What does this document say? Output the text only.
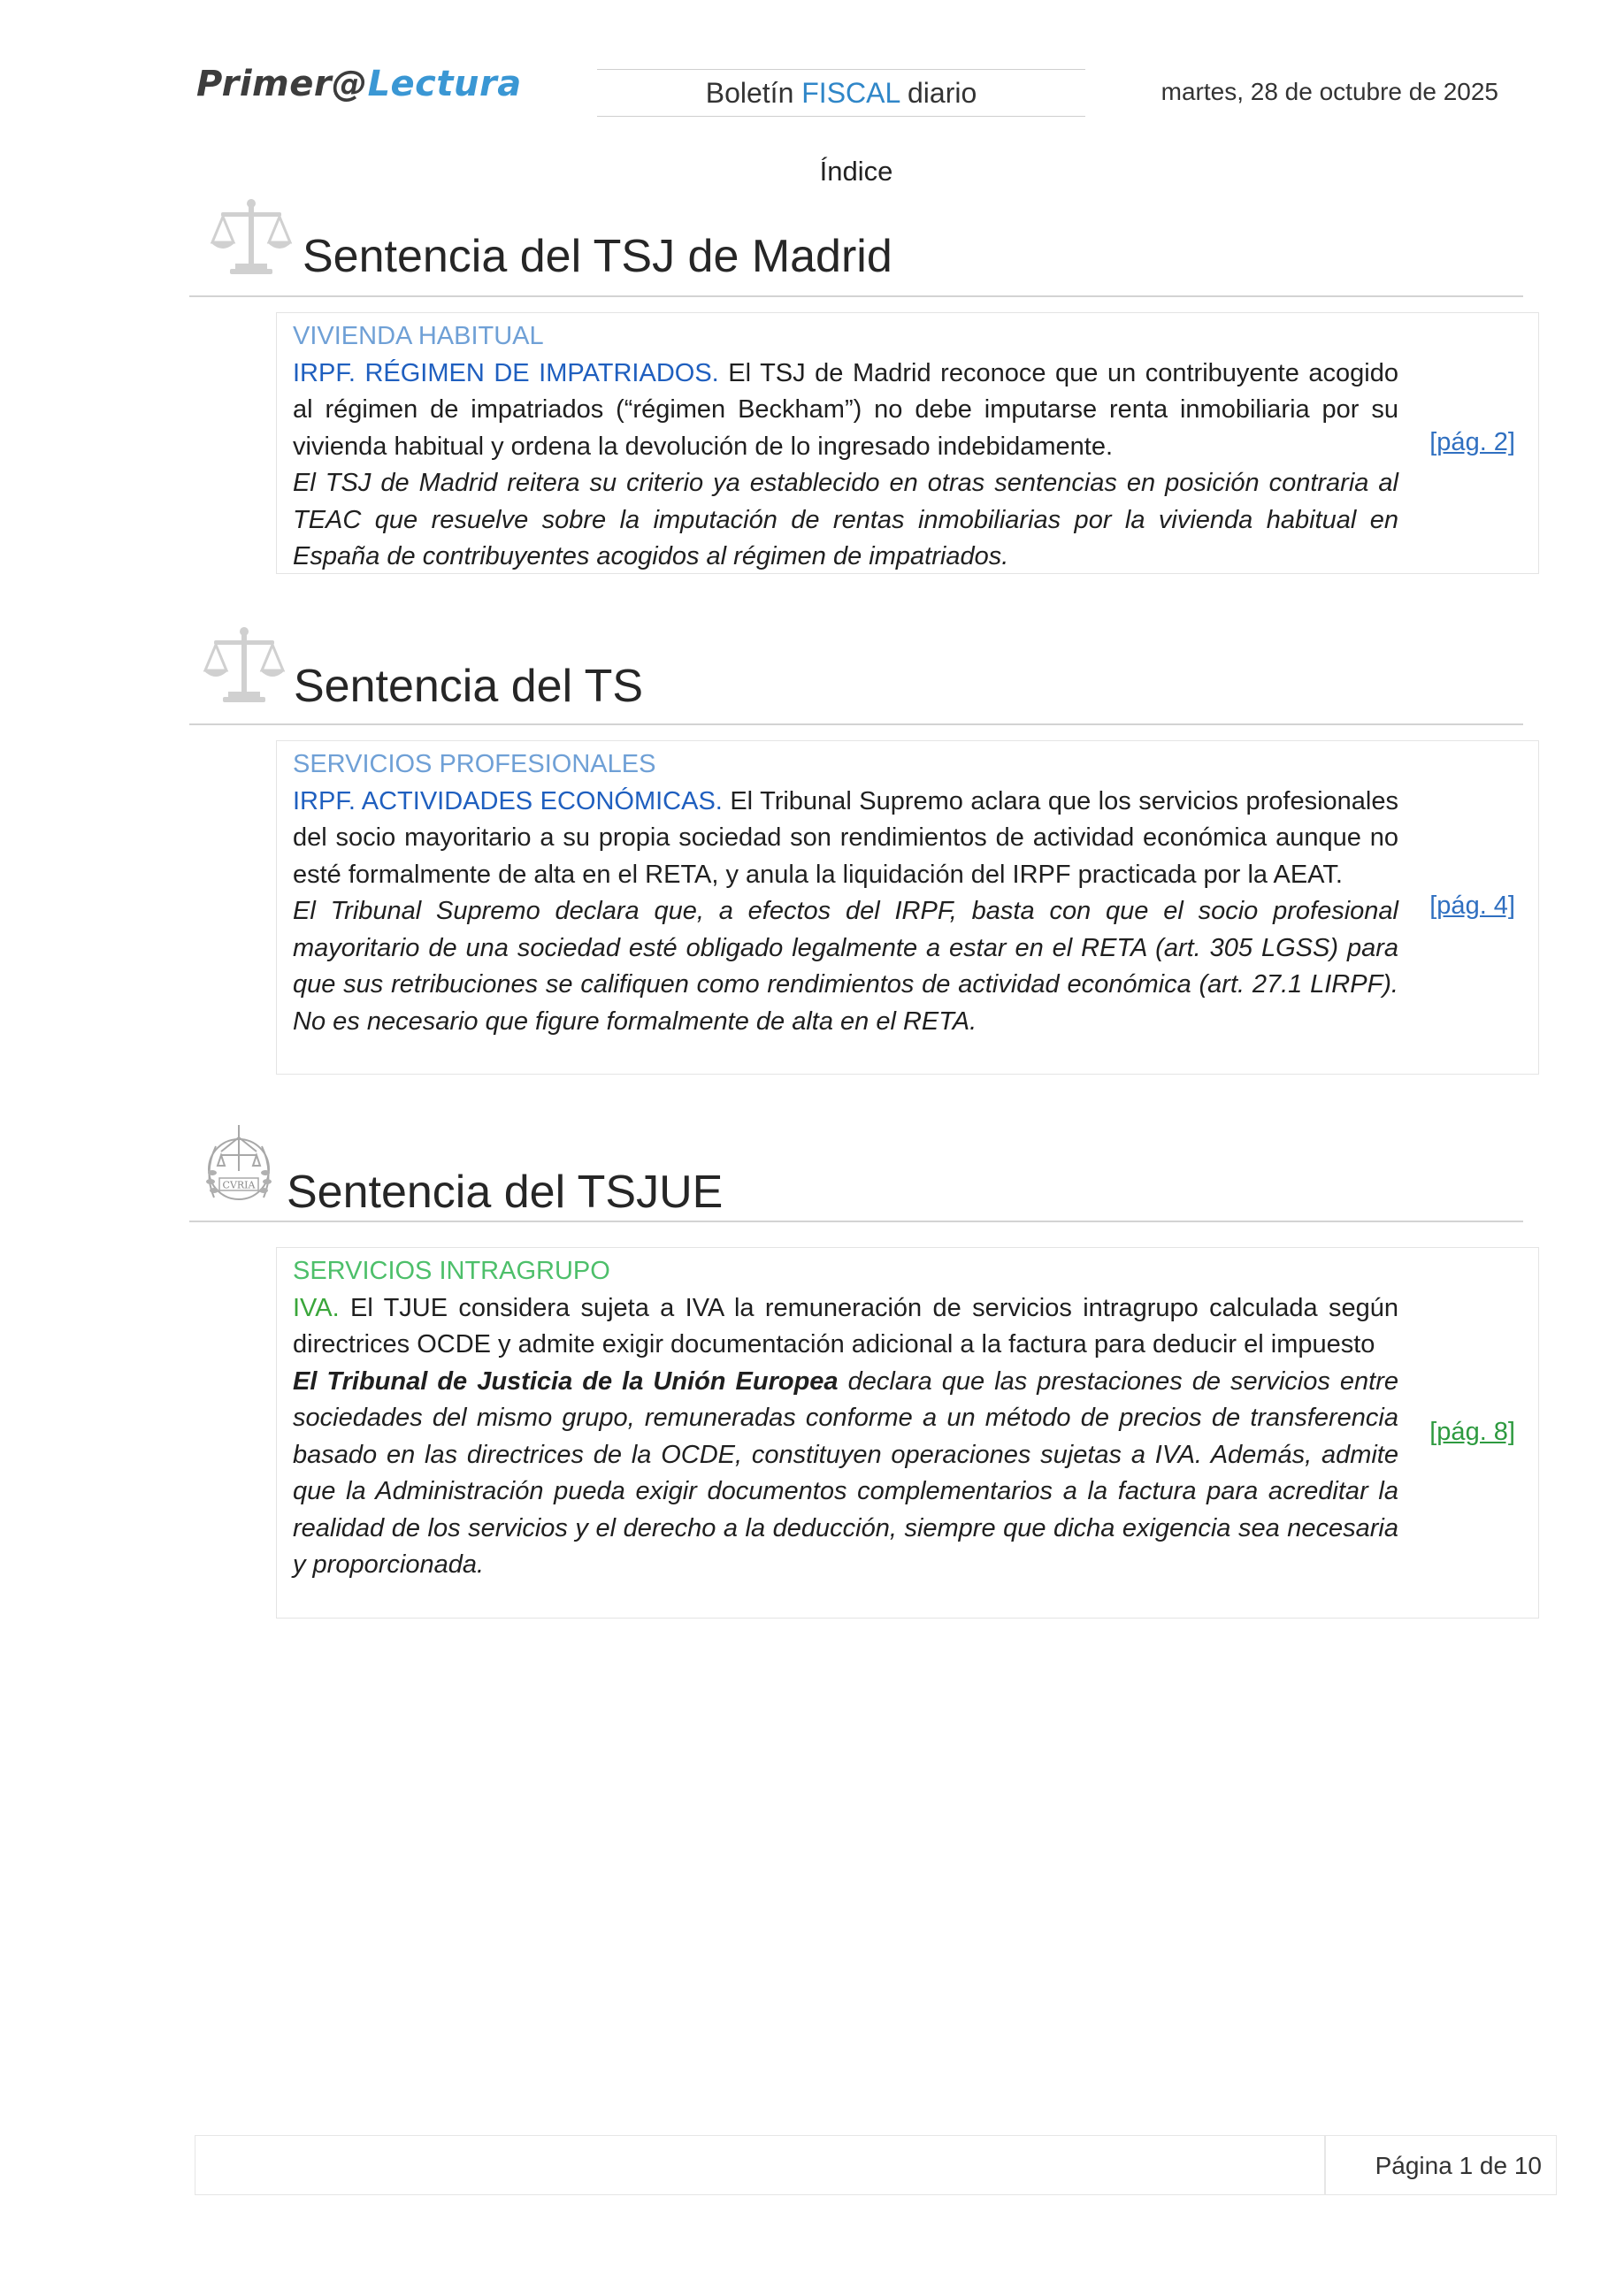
Primer@Lectura	Boletín FISCAL diario	martes, 28 de octubre de 2025
Índice
Sentencia del TSJ de Madrid

VIVIENDA HABITUAL

IRPF. RÉGIMEN DE IMPATRIADOS. El TSJ de Madrid reconoce que un contribuyente acogido al régimen de impatriados (“régimen Beckham”) no debe imputarse renta inmobiliaria por su vivienda habitual y ordena la devolución de lo ingresado indebidamente.

El TSJ de Madrid reitera su criterio ya establecido en otras sentencias en posición contraria al TEAC que resuelve sobre la imputación de rentas inmobiliarias por la vivienda habitual en España de contribuyentes acogidos al régimen de impatriados.

[pág. 2]
Sentencia del TS

SERVICIOS PROFESIONALES

IRPF. ACTIVIDADES ECONÓMICAS. El Tribunal Supremo aclara que los servicios profesionales del socio mayoritario a su propia sociedad son rendimientos de actividad económica aunque no esté formalmente de alta en el RETA, y anula la liquidación del IRPF practicada por la AEAT.

El Tribunal Supremo declara que, a efectos del IRPF, basta con que el socio profesional mayoritario de una sociedad esté obligado legalmente a estar en el RETA (art. 305 LGSS) para que sus retribuciones se califiquen como rendimientos de actividad económica (art. 27.1 LIRPF). No es necesario que figure formalmente de alta en el RETA.

[pág. 4]
CVRIA Sentencia del TSJUE

SERVICIOS INTRAGRUPO

IVA. El TJUE considera sujeta a IVA la remuneración de servicios intragrupo calculada según directrices OCDE y admite exigir documentación adicional a la factura para deducir el impuesto

El Tribunal de Justicia de la Unión Europea declara que las prestaciones de servicios entre sociedades del mismo grupo, remuneradas conforme a un método de precios de transferencia basado en las directrices de la OCDE, constituyen operaciones sujetas a IVA. Además, admite que la Administración pueda exigir documentos complementarios a la factura para acreditar la realidad de los servicios y el derecho a la deducción, siempre que dicha exigencia sea necesaria y proporcionada.

[pág. 8]
Página 1 de 10
